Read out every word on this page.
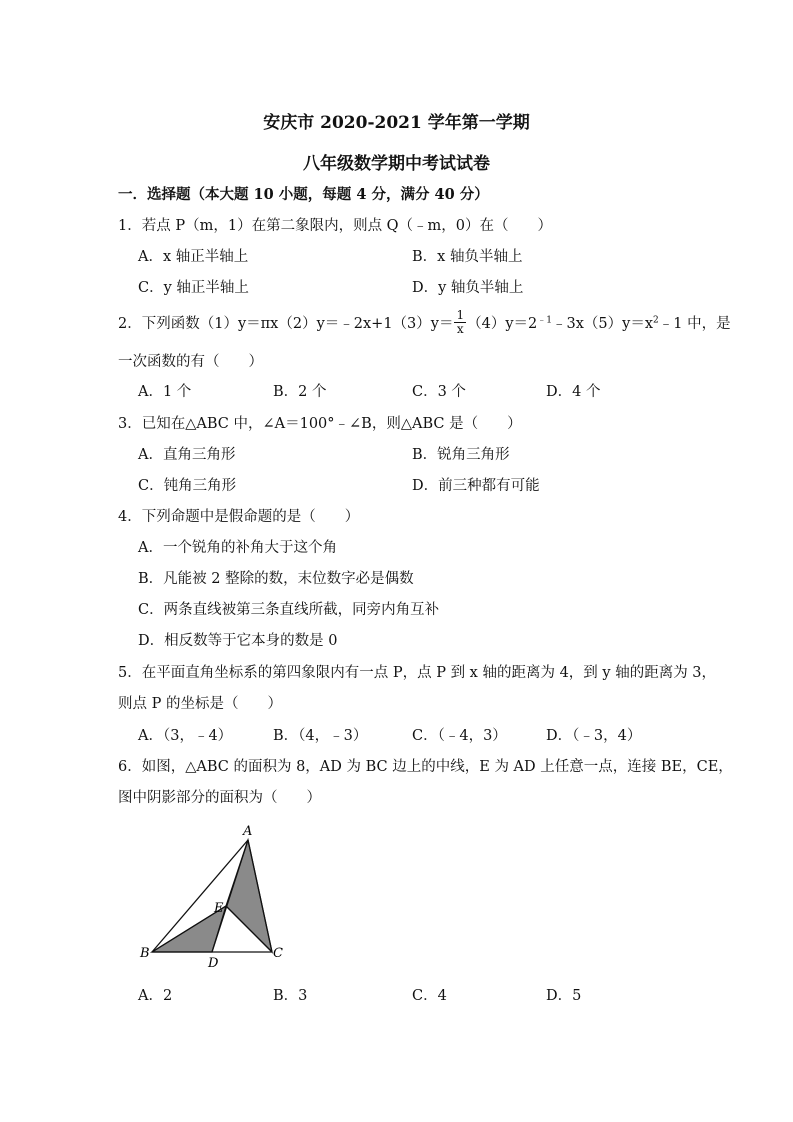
安庆市 2020-2021 学年第一学期
八年级数学期中考试试卷
一．选择题（本大题 10 小题，每题 4 分，满分 40 分）
1．若点 P（m，1）在第二象限内，则点 Q（﹣m，0）在（　　）
A．x 轴正半轴上	B．x 轴负半轴上
C．y 轴正半轴上	D．y 轴负半轴上
2．下列函数（1）y＝πx（2）y＝﹣2x+1（3）y＝ $\frac{1}{x}$ $(4)y=2^{﹣1}﹣3x(5)y=x^2﹣1$ 中，是
一次函数的有（　　）
A．1 个	B．2 个	C．3 个	D．4 个
3．已知在△ABC 中，∠A＝100°﹣∠B，则△ABC 是（　　）
A．直角三角形	B．锐角三角形
C．钝角三角形	D．前三种都有可能
4．下列命题中是假命题的是（　　）
A．一个锐角的补角大于这个角
B．凡能被 2 整除的数，末位数字必是偶数
C．两条直线被第三条直线所截，同旁内角互补
D．相反数等于它本身的数是 0
5．在平面直角坐标系的第四象限内有一点 P，点 P 到 x 轴的距离为 4，到 y 轴的距离为 3，
则点 P 的坐标是（　　）
A．（3，﹣4）	B．（4，﹣3）	C．（﹣4，3）	D．（﹣3，4）
6．如图，△ABC 的面积为 8，AD 为 BC 边上的中线，E 为 AD 上任意一点，连接 BE，CE，
图中阴影部分的面积为（　　）
A
B	C
D
E
A．2	B．3	C．4	D．5
